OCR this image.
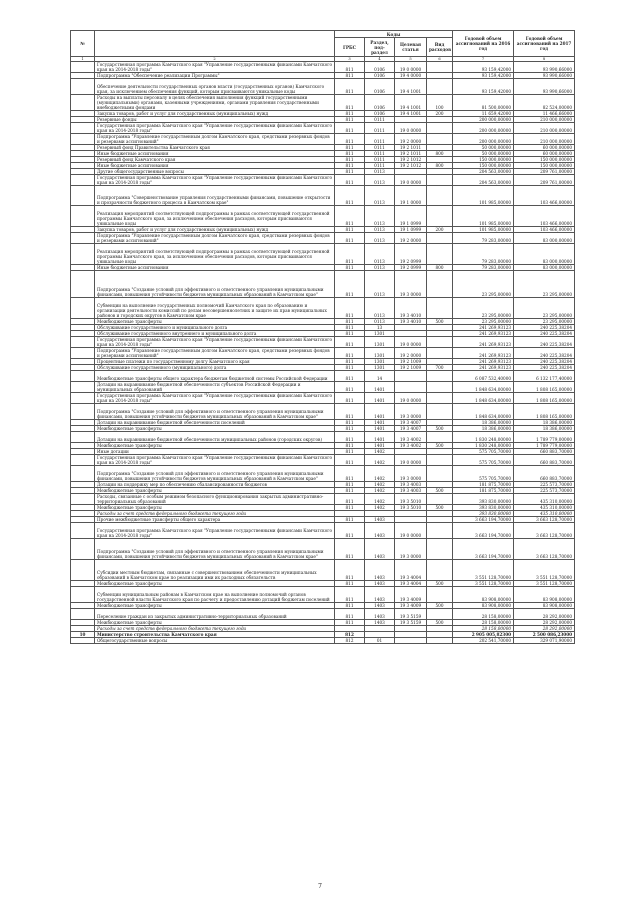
№		Коды				Годовой объем ассигнований на 2016 год	Годовой объем ассигнований на 2017 год
		ГРБС	Раздел, под-раздел	Целевая статья	Вид расходов		
1	2	3	4	5	6	7	8
	Государственная программа Камчатского края "Управление государственными финансами Камчатского края на 2014-2018 годы"	811	0106	19 0 0000		93 159,42000	93 990,66000
	Подпрограмма "Обеспечение реализации Программы"	811	0106	19 4 0000		93 159,42000	93 990,66000
	Обеспечение деятельности государственных органов власти (государственных органов) Камчатского края, за исключением обеспечения функций, которым присваиваются уникальные коды	811	0106	19 4 1001		93 159,42000	93 990,66000
	Расходы на выплаты персоналу в целях обеспечения выполнения функций государственными (муниципальными) органами, казенными учреждениями, органами управления государственными внебюджетными фондами	811	0106	19 4 1001	100	81 500,00000	82 524,00000
	Закупка товаров, работ и услуг для государственных (муниципальных) нужд	811	0106	19 4 1001	200	11 659,42000	11 466,66000
	Резервные фонды	811	0111			200 000,00000	210 000,00000
	Государственная программа Камчатского края "Управление государственными финансами Камчатского края на 2014-2018 годы"	811	0111	19 0 0000		200 000,00000	210 000,00000
	Подпрограмма "Управление государственным долгом Камчатского края, средствами резервных фондов и резервами ассигнований"	811	0111	19 2 0000		200 000,00000	210 000,00000
	Резервный фонд Правительства Камчатского края	811	0111	19 2 1011		50 000,00000	60 000,00000
	Иные бюджетные ассигнования	811	0111	19 2 1011	800	50 000,00000	60 000,00000
	Резервный фонд Камчатского края	811	0111	19 2 1012		150 000,00000	150 000,00000
	Иные бюджетные ассигнования	811	0111	19 2 1012	800	150 000,00000	150 000,00000
	Другие общегосударственные вопросы	811	0113			204 563,00000	209 761,00000
	Государственная программа Камчатского края "Управление государственными финансами Камчатского края на 2014-2018 годы"	811	0113	19 0 0000		204 563,00000	209 761,00000
	Подпрограмма "Совершенствование управления государственными финансами, повышение открытости и прозрачности бюджетного процесса в Камчатском крае"	811	0113	19 1 0000		101 985,00000	103 466,00000
	Реализация мероприятий соответствующей подпрограммы в рамках соответствующей государственной программы Камчатского края, за исключением обеспечения расходов, которым присваиваются уникальные коды	811	0113	19 1 0999		101 985,00000	103 466,00000
	Закупка товаров, работ и услуг для государственных (муниципальных) нужд	811	0113	19 1 0999	200	101 985,00000	103 466,00000
	Подпрограмма "Управление государственным долгом Камчатского края, средствами резервных фондов и резервами ассигнований"	811	0113	19 2 0000		79 283,00000	83 000,00000
	Реализация мероприятий соответствующей подпрограммы в рамках соответствующей государственной программы Камчатского края, за исключением обеспечения расходов, которым присваиваются уникальные коды	811	0113	19 2 0999		79 283,00000	83 000,00000
	Иные бюджетные ассигнования	811	0113	19 2 0999	800	79 283,00000	83 000,00000
	Подпрограмма "Создание условий для эффективного и ответственного управления муниципальными финансами, повышения устойчивости бюджетов муниципальных образований в Камчатском крае"	811	0113	19 3 0000		23 295,00000	23 295,00000
	Субвенции на выполнение государственных полномочий Камчатского края по образованию и организации деятельности комиссий по делам несовершеннолетних и защите их прав муниципальных районов и городских округов в Камчатском крае	811	0113	19 3 4010		23 295,00000	23 295,00000
	Межбюджетные трансферты	811	0113	19 3 4010	500	23 295,00000	23 295,00000
	Обслуживание государственного и муниципального долга	811	13			241 269,93123	240 225,38204
	Обслуживание государственного внутреннего и муниципального долга	811	1301			241 269,93123	240 225,38204
	Государственная программа Камчатского края "Управление государственными финансами Камчатского края на 2014-2018 годы"	811	1301	19 0 0000		241 269,93123	240 225,38204
	Подпрограмма "Управление государственным долгом Камчатского края, средствами резервных фондов и резервами ассигнований"	811	1301	19 2 0000		241 269,93123	240 225,38204
	Процентные платежи по государственному долгу Камчатского края	811	1301	19 2 1009		241 269,93123	240 225,38204
	Обслуживание государственного (муниципального) долга	811	1301	19 2 1009	700	241 269,93123	240 225,38204
	Межбюджетные трансферты общего характера бюджетам бюджетной системы Российской Федерации	811	14			6 087 532,40000	6 132 177,40000
	Дотации на выравнивание бюджетной обеспеченности субъектов Российской Федерации и муниципальных образований	811	1401			1 848 634,00000	1 808 165,00000
	Государственная программа Камчатского края "Управление государственными финансами Камчатского края на 2014-2018 годы"	811	1401	19 0 0000		1 848 634,00000	1 808 165,00000
	Подпрограмма "Создание условий для эффективного и ответственного управления муниципальными финансами, повышения устойчивости бюджетов муниципальных образований в Камчатском крае"	811	1401	19 3 0000		1 848 634,00000	1 808 165,00000
	Дотации на выравнивание бюджетной обеспеченности поселений	811	1401	19 3 4007		18 386,00000	18 386,00000
	Межбюджетные трансферты	811	1401	19 3 4007	500	18 386,00000	18 386,00000
	Дотации на выравнивание бюджетной обеспеченности муниципальных районов (городских округов)	811	1401	19 3 4002		1 830 248,00000	1 789 779,00000
	Межбюджетные трансферты	811	1401	19 3 4002	500	1 830 248,00000	1 789 779,00000
	Иные дотации	811	1402			575 705,70000	660 883,70000
	Государственная программа Камчатского края "Управление государственными финансами Камчатского края на 2014-2018 годы"	811	1402	19 0 0000		575 705,70000	660 883,70000
	Подпрограмма "Создание условий для эффективного и ответственного управления муниципальными финансами, повышения устойчивости бюджетов муниципальных образований в Камчатском крае"	811	1402	19 3 0000		575 705,70000	660 883,70000
	Дотации на поддержку мер по обеспечению сбалансированности бюджетов	811	1402	19 3 4003		181 875,70000	225 573,70000
	Межбюджетные трансферты	811	1402	19 3 4003	500	181 875,70000	225 573,70000
	Расходы, связанные с особым режимом безопасного функционирования закрытых административно-территориальных образований	811	1402	19 3 5010		393 830,00000	435 310,00000
	Межбюджетные трансферты	811	1402	19 3 5010	500	393 830,00000	435 310,00000
	Расходы за счет средств федерального бюджета текущего года					393 830,00000	435 310,00000
	Прочие межбюджетные трансферты общего характера	811	1403			3 663 194,70000	3 663 128,70000
	Государственная программа Камчатского края "Управление государственными финансами Камчатского края на 2014-2018 годы"	811	1403	19 0 0000		3 663 194,70000	3 663 128,70000
	Подпрограмма "Создание условий для эффективного и ответственного управления муниципальными финансами, повышения устойчивости бюджетов муниципальных образований в Камчатском крае"	811	1403	19 3 0000		3 663 194,70000	3 663 128,70000
	Субсидии местным бюджетам, связанные с совершенствованием обеспеченности муниципальных образований в Камчатском крае по реализации ими их расходных обязательств	811	1403	19 3 4004		3 551 128,70000	3 551 128,70000
	Межбюджетные трансферты	811	1403	19 3 4004	500	3 551 128,70000	3 551 128,70000
	Субвенции муниципальным районам в Камчатском крае на выполнение полномочий органов государственной власти Камчатского края по расчету и предоставлению дотаций бюджетам поселений	811	1403	19 3 4009		83 908,00000	83 908,00000
	Межбюджетные трансферты	811	1403	19 3 4009	500	83 908,00000	83 908,00000
	Переселение граждан из закрытых административно-территориальных образований	811	1403	19 3 5159		28 158,00000	28 292,00000
	Межбюджетные трансферты	811	1403	19 3 5159	500	28 158,00000	28 292,00000
	Расходы за счет средств федерального бюджета текущего года					28 158,00000	28 292,00000
10	Министерство строительства Камчатского края	812				2 905 005,82300	2 500 086,23000
	Общегосударственные вопросы	812	01			202 541,70000	329 071,90000
7
